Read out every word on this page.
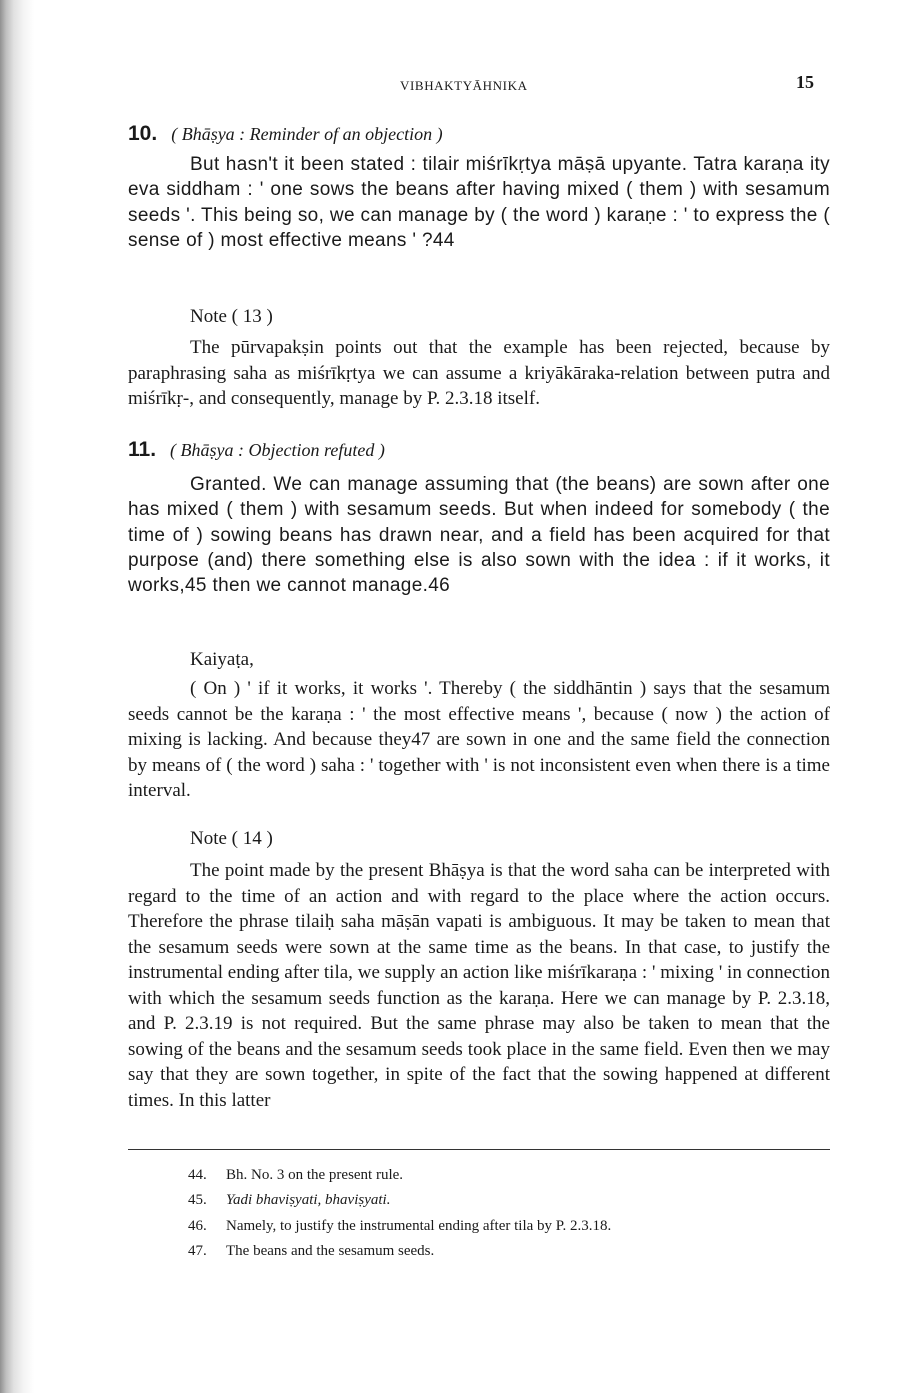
VIBHAKTYĀHNIKA	15
10. ( Bhāṣya : Reminder of an objection )

But hasn't it been stated : tilair miśrīkṛtya māṣā upyante. Tatra karaṇa ity eva siddham : ' one sows the beans after having mixed ( them ) with sesamum seeds '. This being so, we can manage by ( the word ) karaṇe : ' to express the ( sense of ) most effective means ' ?44

Note ( 13 )

The pūrvapakṣin points out that the example has been rejected, because by paraphrasing saha as miśrīkṛtya we can assume a kriyākāraka-relation between putra and miśrīkṛ-, and consequently, manage by P. 2.3.18 itself.

11. ( Bhāṣya : Objection refuted )

Granted. We can manage assuming that (the beans) are sown after one has mixed ( them ) with sesamum seeds. But when indeed for somebody ( the time of ) sowing beans has drawn near, and a field has been acquired for that purpose (and) there something else is also sown with the idea : if it works, it works,45 then we cannot manage.46

Kaiyaṭa,

( On ) ' if it works, it works '. Thereby ( the siddhāntin ) says that the sesamum seeds cannot be the karaṇa : ' the most effective means ', because ( now ) the action of mixing is lacking. And because they47 are sown in one and the same field the connection by means of ( the word ) saha : ' together with ' is not inconsistent even when there is a time interval.

Note ( 14 )

The point made by the present Bhāṣya is that the word saha can be interpreted with regard to the time of an action and with regard to the place where the action occurs. Therefore the phrase tilaiḥ saha māṣān vapati is ambiguous. It may be taken to mean that the sesamum seeds were sown at the same time as the beans. In that case, to justify the instrumental ending after tila, we supply an action like miśrīkaraṇa : ' mixing ' in connection with which the sesamum seeds function as the karaṇa. Here we can manage by P. 2.3.18, and P. 2.3.19 is not required. But the same phrase may also be taken to mean that the sowing of the beans and the sesamum seeds took place in the same field. Even then we may say that they are sown together, in spite of the fact that the sowing happened at different times. In this latter

44. Bh. No. 3 on the present rule.
45. Yadi bhaviṣyati, bhaviṣyati.
46. Namely, to justify the instrumental ending after tila by P. 2.3.18.
47. The beans and the sesamum seeds.
